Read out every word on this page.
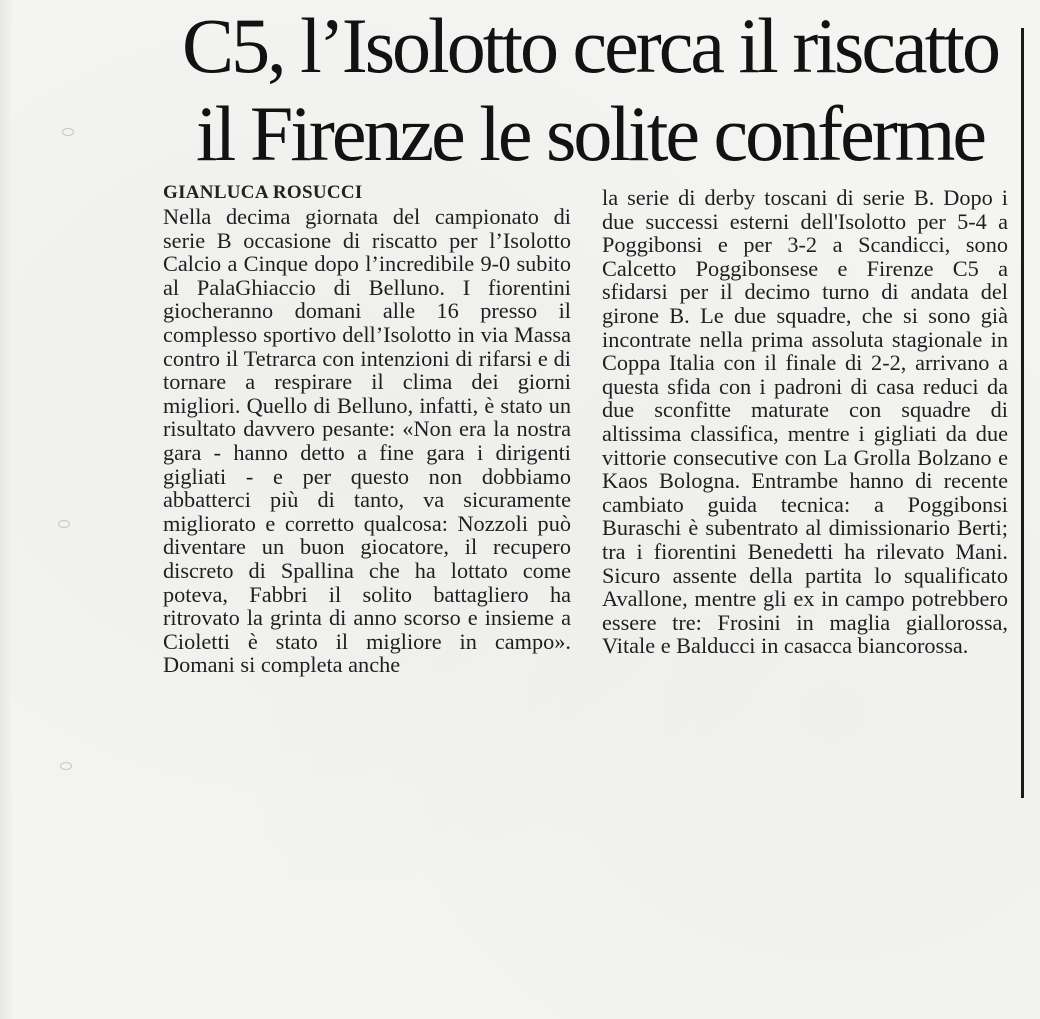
C5, l’Isolotto cerca il riscatto
il Firenze le solite conferme
GIANLUCA ROSUCCI

Nella decima giornata del campionato di serie B occasione di riscatto per l’Isolotto Calcio a Cinque dopo l’incredibile 9-0 subito al PalaGhiaccio di Belluno. I fiorentini giocheranno domani alle 16 presso il complesso sportivo dell’Isolotto in via Massa contro il Tetrarca con intenzioni di rifarsi e di tornare a respirare il clima dei giorni migliori. Quello di Belluno, infatti, è stato un risultato davvero pesante: «Non era la nostra gara - hanno detto a fine gara i dirigenti gigliati - e per questo non dobbiamo abbatterci più di tanto, va sicuramente migliorato e corretto qualcosa: Nozzoli può diventare un buon giocatore, il recupero discreto di Spallina che ha lottato come poteva, Fabbri il solito battagliero ha ritrovato la grinta di anno scorso e insieme a Cioletti è stato il migliore in campo». Domani si completa anche

la serie di derby toscani di serie B. Dopo i due successi esterni dell'Isolotto per 5-4 a Poggibonsi e per 3-2 a Scandicci, sono Calcetto Poggibonsese e Firenze C5 a sfidarsi per il decimo turno di andata del girone B. Le due squadre, che si sono già incontrate nella prima assoluta stagionale in Coppa Italia con il finale di 2-2, arrivano a questa sfida con i padroni di casa reduci da due sconfitte maturate con squadre di altissima classifica, mentre i gigliati da due vittorie consecutive con La Grolla Bolzano e Kaos Bologna. Entrambe hanno di recente cambiato guida tecnica: a Poggibonsi Buraschi è subentrato al dimissionario Berti; tra i fiorentini Benedetti ha rilevato Mani. Sicuro assente della partita lo squalificato Avallone, mentre gli ex in campo potrebbero essere tre: Frosini in maglia giallorossa, Vitale e Balducci in casacca biancorossa.
